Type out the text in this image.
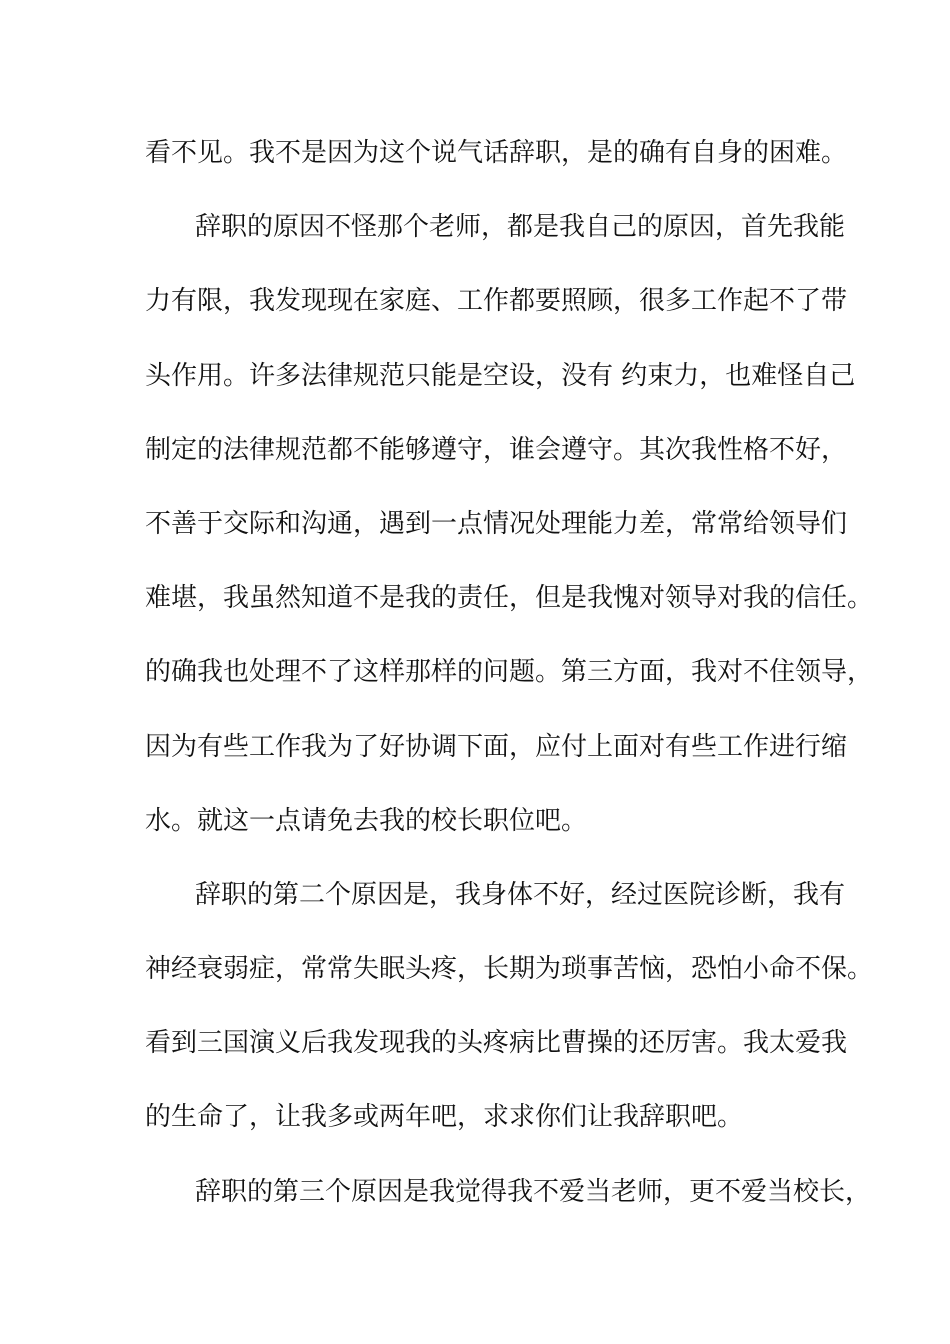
看不见。我不是因为这个说气话辞职，是的确有自身的困难。
辞职的原因不怪那个老师，都是我自己的原因，首先我能
力有限，我发现现在家庭、工作都要照顾，很多工作起不了带
头作用。许多法律规范只能是空设，没有 约束力，也难怪自己
制定的法律规范都不能够遵守，谁会遵守。其次我性格不好，
不善于交际和沟通，遇到一点情况处理能力差，常常给领导们
难堪，我虽然知道不是我的责任，但是我愧对领导对我的信任。
的确我也处理不了这样那样的问题。第三方面，我对不住领导，
因为有些工作我为了好协调下面，应付上面对有些工作进行缩
水。就这一点请免去我的校长职位吧。
辞职的第二个原因是，我身体不好，经过医院诊断，我有
神经衰弱症，常常失眠头疼，长期为琐事苦恼，恐怕小命不保。
看到三国演义后我发现我的头疼病比曹操的还厉害。我太爱我
的生命了，让我多或两年吧，求求你们让我辞职吧。
辞职的第三个原因是我觉得我不爱当老师，更不爱当校长，
